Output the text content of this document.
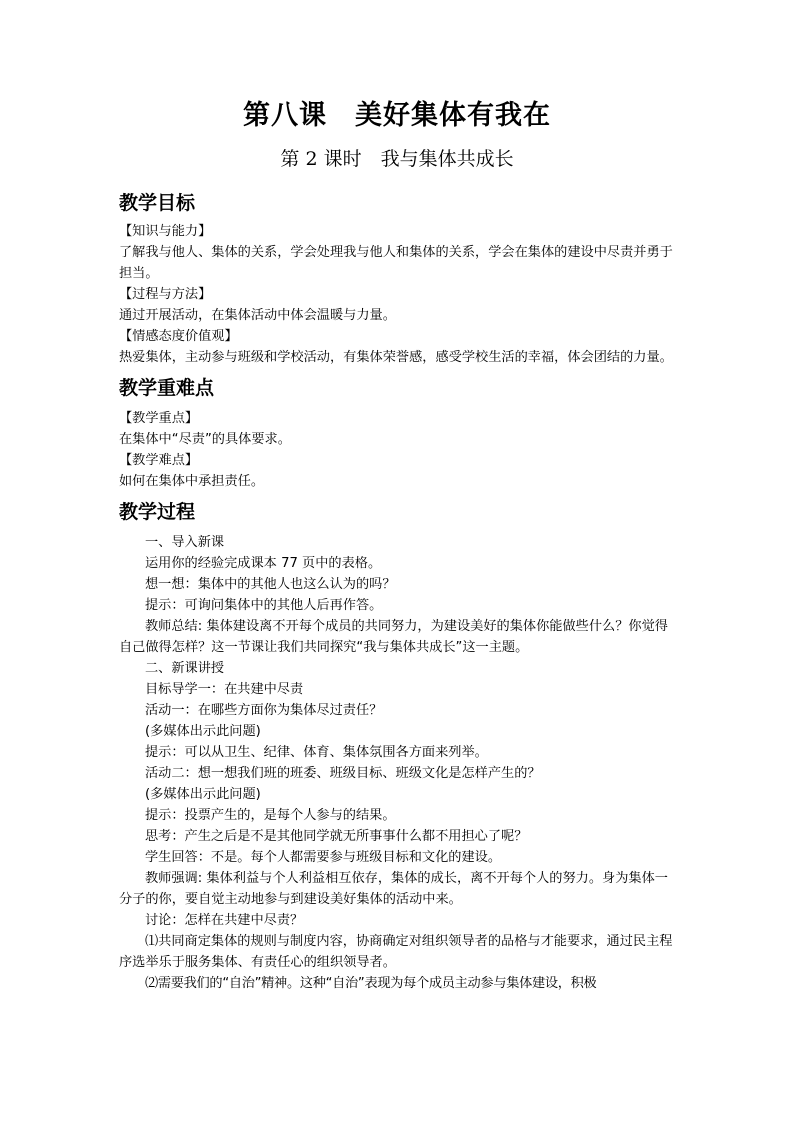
第八课　美好集体有我在
第 2 课时　我与集体共成长
教学目标

【知识与能力】

了解我与他人、集体的关系，学会处理我与他人和集体的关系，学会在集体的建设中尽责并勇于担当。

【过程与方法】

通过开展活动，在集体活动中体会温暖与力量。

【情感态度价值观】

热爱集体，主动参与班级和学校活动，有集体荣誉感，感受学校生活的幸福，体会团结的力量。

教学重难点

【教学重点】

在集体中“尽责”的具体要求。

【教学难点】

如何在集体中承担责任。

教学过程

一、导入新课

运用你的经验完成课本 77 页中的表格。

想一想：集体中的其他人也这么认为的吗？

提示：可询问集体中的其他人后再作答。

教师总结: 集体建设离不开每个成员的共同努力，为建设美好的集体你能做些什么？你觉得自己做得怎样？这一节课让我们共同探究“我与集体共成长”这一主题。

二、新课讲授

目标导学一：在共建中尽责

活动一：在哪些方面你为集体尽过责任？

(多媒体出示此问题)

提示：可以从卫生、纪律、体育、集体氛围各方面来列举。

活动二：想一想我们班的班委、班级目标、班级文化是怎样产生的？

(多媒体出示此问题)

提示：投票产生的，是每个人参与的结果。

思考：产生之后是不是其他同学就无所事事什么都不用担心了呢？

学生回答：不是。每个人都需要参与班级目标和文化的建设。

教师强调: 集体利益与个人利益相互依存，集体的成长，离不开每个人的努力。身为集体一分子的你，要自觉主动地参与到建设美好集体的活动中来。

讨论：怎样在共建中尽责？

⑴共同商定集体的规则与制度内容，协商确定对组织领导者的品格与才能要求，通过民主程序选举乐于服务集体、有责任心的组织领导者。

⑵需要我们的“自治”精神。这种“自治”表现为每个成员主动参与集体建设，积极
